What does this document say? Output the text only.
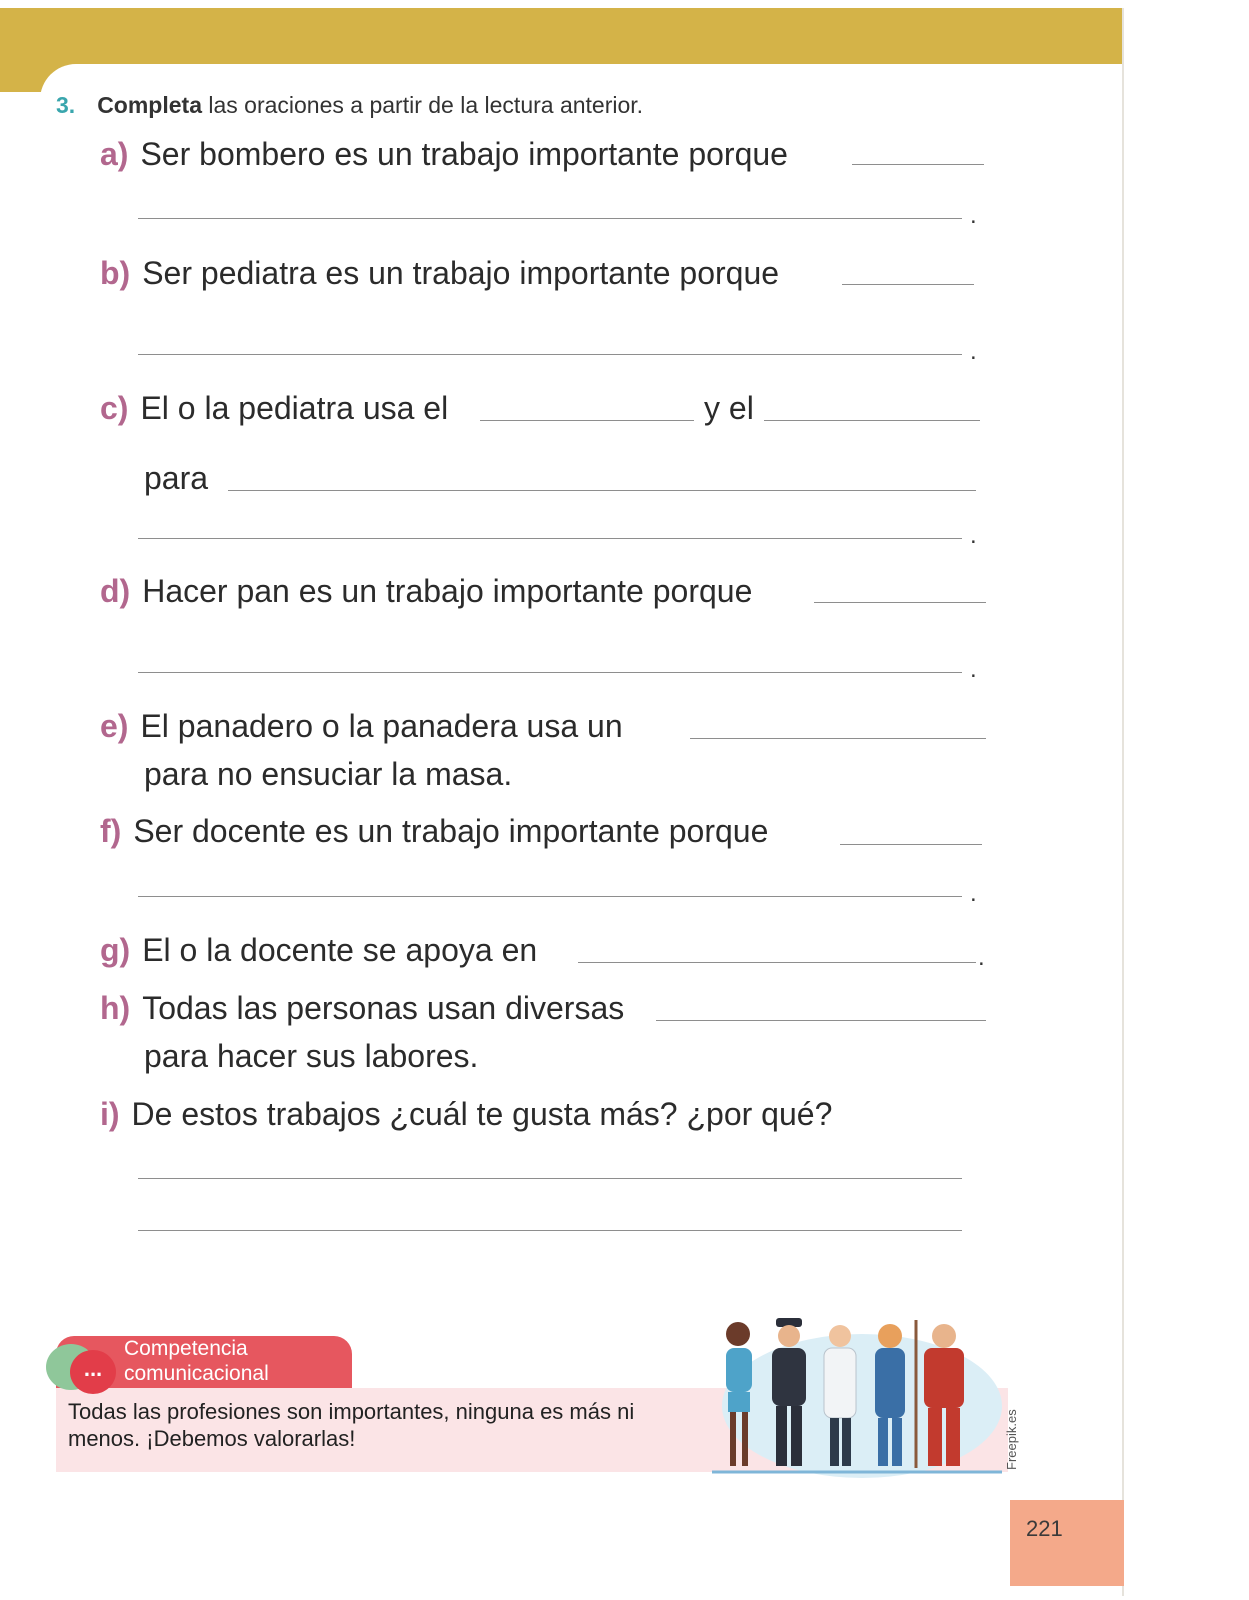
3. Completa las oraciones a partir de la lectura anterior.
a) Ser bombero es un trabajo importante porque
.
b) Ser pediatra es un trabajo importante porque
.
c) El o la pediatra usa el	y el
para
.
d) Hacer pan es un trabajo importante porque
.
e) El panadero o la panadera usa un
para no ensuciar la masa.
f) Ser docente es un trabajo importante porque
.
g) El o la docente se apoya en	.
h) Todas las personas usan diversas
para hacer sus labores.
i) De estos trabajos ¿cuál te gusta más? ¿por qué?
Competencia
comunicacional
...
Todas las profesiones son importantes, ninguna es más ni menos. ¡Debemos valorarlas!	Freepik.es
221
